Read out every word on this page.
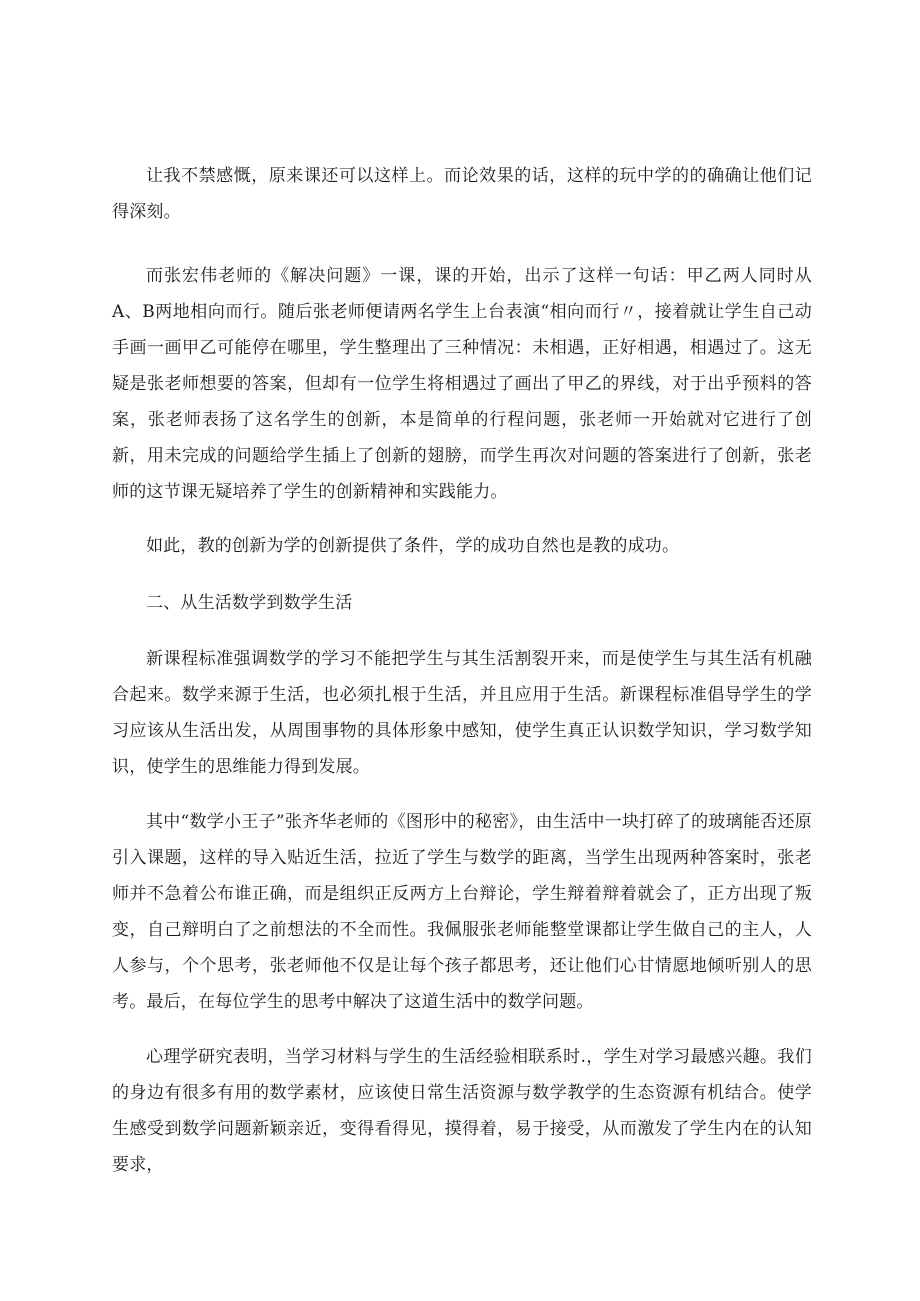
让我不禁感慨，原来课还可以这样上。而论效果的话，这样的玩中学的的确确让他们记得深刻。

而张宏伟老师的《解决问题》一课，课的开始，出示了这样一句话：甲乙两人同时从A、B两地相向而行。随后张老师便请两名学生上台表演“相向而行〃，接着就让学生自己动手画一画甲乙可能停在哪里，学生整理出了三种情况：未相遇，正好相遇，相遇过了。这无疑是张老师想要的答案，但却有一位学生将相遇过了画出了甲乙的界线，对于出乎预料的答案，张老师表扬了这名学生的创新，本是简单的行程问题，张老师一开始就对它进行了创新，用未完成的问题给学生插上了创新的翅膀，而学生再次对问题的答案进行了创新，张老师的这节课无疑培养了学生的创新精神和实践能力。

如此，教的创新为学的创新提供了条件，学的成功自然也是教的成功。

二、从生活数学到数学生活

新课程标准强调数学的学习不能把学生与其生活割裂开来，而是使学生与其生活有机融合起来。数学来源于生活，也必须扎根于生活，并且应用于生活。新课程标准倡导学生的学习应该从生活出发，从周围事物的具体形象中感知，使学生真正认识数学知识，学习数学知识，使学生的思维能力得到发展。

其中“数学小王子”张齐华老师的《图形中的秘密》，由生活中一块打碎了的玻璃能否还原引入课题，这样的导入贴近生活，拉近了学生与数学的距离，当学生出现两种答案时，张老师并不急着公布谁正确，而是组织正反两方上台辩论，学生辩着辩着就会了，正方出现了叛变，自己辩明白了之前想法的不全而性。我佩服张老师能整堂课都让学生做自己的主人，人人参与，个个思考，张老师他不仅是让每个孩子都思考，还让他们心甘情愿地倾听别人的思考。最后，在每位学生的思考中解决了这道生活中的数学问题。

心理学研究表明，当学习材料与学生的生活经验相联系时.，学生对学习最感兴趣。我们的身边有很多有用的数学素材，应该使日常生活资源与数学教学的生态资源有机结合。使学生感受到数学问题新颖亲近，变得看得见，摸得着，易于接受，从而激发了学生内在的认知要求，
